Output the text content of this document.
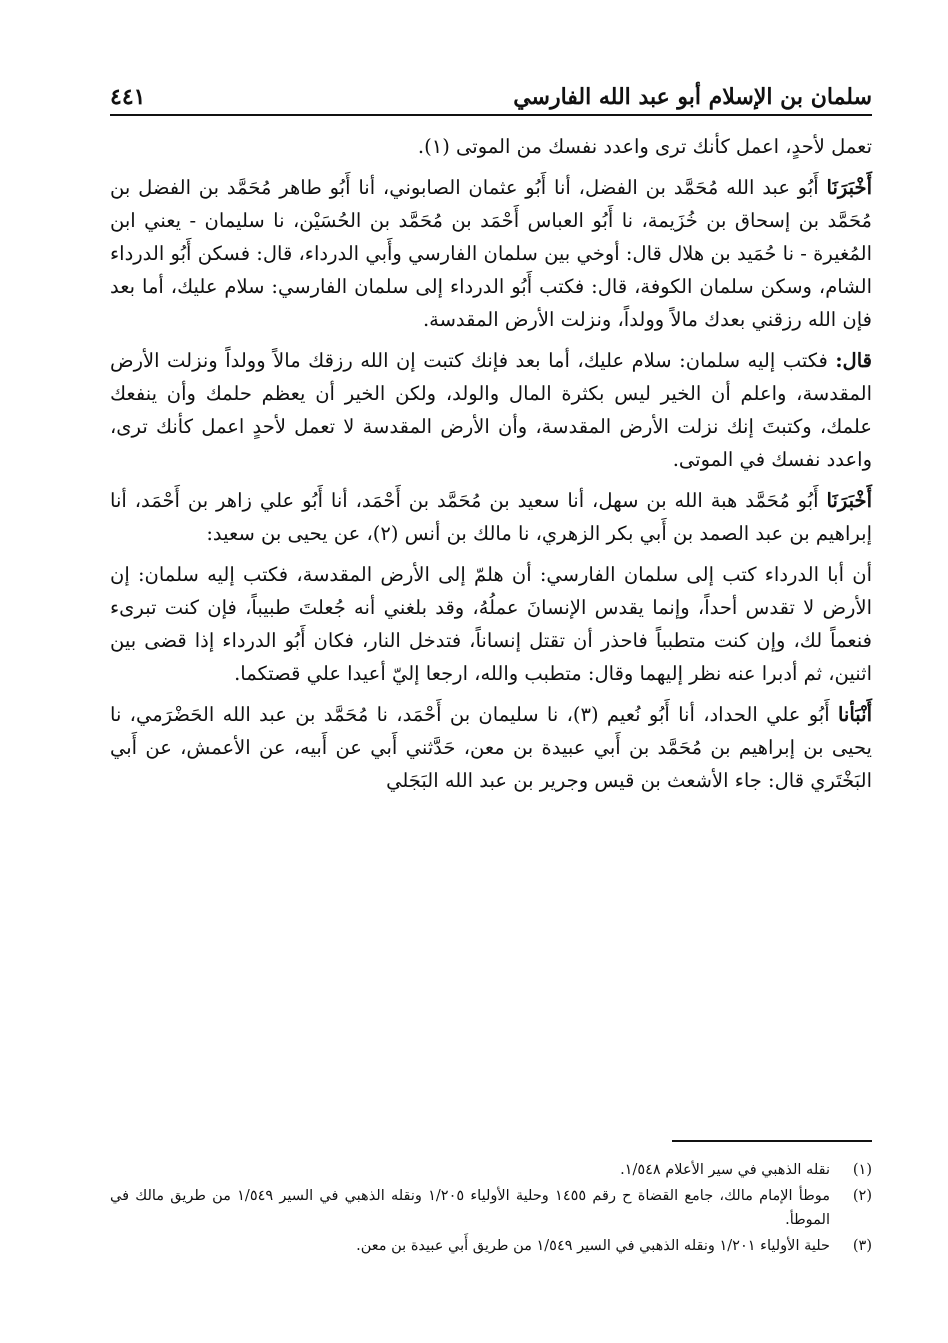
سلمان بن الإسلام أبو عبد الله الفارسي
٤٤١

تعمل لأحدٍ، اعمل كأنك ترى واعدد نفسك من الموتى (١).

أَخْبَرَنَا أَبُو عبد الله مُحَمَّد بن الفضل، أنا أَبُو عثمان الصابوني، أنا أَبُو طاهر مُحَمَّد بن الفضل بن مُحَمَّد بن إسحاق بن خُزَيمة، نا أَبُو العباس أَحْمَد بن مُحَمَّد بن الحُسَيْن، نا سليمان - يعني ابن المُغيرة - نا حُمَيد بن هلال قال: أوخي بين سلمان الفارسي وأَبي الدرداء، قال: فسكن أَبُو الدرداء الشام، وسكن سلمان الكوفة، قال: فكتب أَبُو الدرداء إلى سلمان الفارسي: سلام عليك، أما بعد فإن الله رزقني بعدك مالاً وولداً، ونزلت الأرض المقدسة.

قال: فكتب إليه سلمان: سلام عليك، أما بعد فإنك كتبت إن الله رزقك مالاً وولداً ونزلت الأرض المقدسة، واعلم أن الخير ليس بكثرة المال والولد، ولكن الخير أن يعظم حلمك وأن ينفعك علمك، وكتبتَ إنك نزلت الأرض المقدسة، وأن الأرض المقدسة لا تعمل لأحدٍ اعمل كأنك ترى، واعدد نفسك في الموتى.

أَخْبَرَنَا أَبُو مُحَمَّد هبة الله بن سهل، أنا سعيد بن مُحَمَّد بن أَحْمَد، أنا أَبُو علي زاهر بن أَحْمَد، أنا إبراهيم بن عبد الصمد بن أَبي بكر الزهري، نا مالك بن أنس (٢)، عن يحيى بن سعيد:

أن أبا الدرداء كتب إلى سلمان الفارسي: أن هلمّ إلى الأرض المقدسة، فكتب إليه سلمان: إن الأرض لا تقدس أحداً، وإنما يقدس الإنسانَ عملُهُ، وقد بلغني أنه جُعلتَ طبيباً، فإن كنت تبرىء فنعماً لك، وإن كنت متطبباً فاحذر أن تقتل إنساناً، فتدخل النار، فكان أَبُو الدرداء إذا قضى بين اثنين، ثم أدبرا عنه نظر إليهما وقال: متطبب والله، ارجعا إليّ أعيدا علي قصتكما.

أَنْبَأنا أَبُو علي الحداد، أنا أَبُو نُعيم (٣)، نا سليمان بن أَحْمَد، نا مُحَمَّد بن عبد الله الحَضْرَمي، نا يحيى بن إبراهيم بن مُحَمَّد بن أَبي عبيدة بن معن، حَدَّثني أَبي عن أَبيه، عن الأعمش، عن أَبي البَخْتَري قال: جاء الأشعث بن قيس وجرير بن عبد الله البَجَلي

(١)
نقله الذهبي في سير الأعلام ١/٥٤٨.
(٢)
موطأ الإمام مالك، جامع القضاة ح رقم ١٤٥٥ وحلية الأولياء ١/٢٠٥ ونقله الذهبي في السير ١/٥٤٩ من طريق مالك في الموطأ.
(٣)
حلية الأولياء ١/٢٠١ ونقله الذهبي في السير ١/٥٤٩ من طريق أَبي عبيدة بن معن.
